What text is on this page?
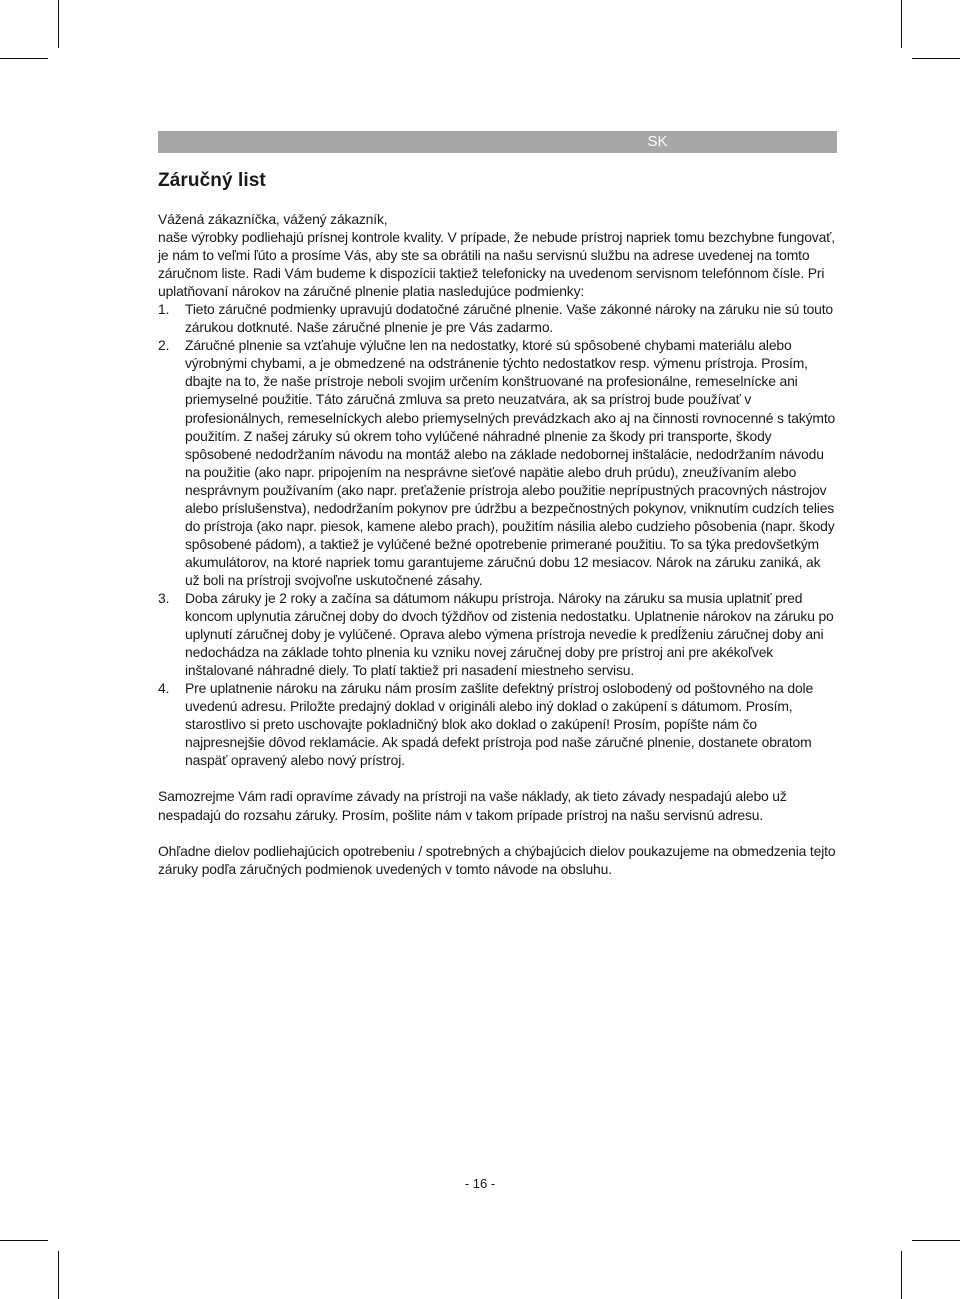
SK
Záručný list

Vážená zákazníčka, vážený zákazník,

naše výrobky podliehajú prísnej kontrole kvality. V prípade, že nebude prístroj napriek tomu bezchybne fungovať, je nám to veľmi ľúto a prosíme Vás, aby ste sa obrátili na našu servisnú službu na adrese uvedenej na tomto záručnom liste. Radi Vám budeme k dispozícii taktiež telefonicky na uvedenom servisnom telefónnom čísle. Pri uplatňovaní nárokov na záručné plnenie platia nasledujúce podmienky:

1. Tieto záručné podmienky upravujú dodatočné záručné plnenie. Vaše zákonné nároky na záruku nie sú touto zárukou dotknuté. Naše záručné plnenie je pre Vás zadarmo.
2. Záručné plnenie sa vzťahuje výlučne len na nedostatky, ktoré sú spôsobené chybami materiálu alebo výrobnými chybami, a je obmedzené na odstránenie týchto nedostatkov resp. výmenu prístroja. Prosím, dbajte na to, že naše prístroje neboli svojim určením konštruované na profesionálne, remeselnícke ani priemyselné použitie. Táto záručná zmluva sa preto neuzatvára, ak sa prístroj bude používať v profesionálnych, remeselníckych alebo priemyselných prevádzkach ako aj na činnosti rovnocenné s takýmto použitím. Z našej záruky sú okrem toho vylúčené náhradné plnenie za škody pri transporte, škody spôsobené nedodržaním návodu na montáž alebo na základe nedobornej inštalácie, nedodržaním návodu na použitie (ako napr. pripojením na nesprávne sieťové napätie alebo druh prúdu), zneužívaním alebo nesprávnym používaním (ako napr. preťaženie prístroja alebo použitie neprípustných pracovných nástrojov alebo príslušenstva), nedodržaním pokynov pre údržbu a bezpečnostných pokynov, vniknutím cudzích telies do prístroja (ako napr. piesok, kamene alebo prach), použitím násilia alebo cudzieho pôsobenia (napr. škody spôsobené pádom), a taktiež je vylúčené bežné opotrebenie primerané použitiu. To sa týka predovšetkým akumulátorov, na ktoré napriek tomu garantujeme záručnú dobu 12 mesiacov. Nárok na záruku zaniká, ak už boli na prístroji svojvoľne uskutočnené zásahy.
3. Doba záruky je 2 roky a začína sa dátumom nákupu prístroja. Nároky na záruku sa musia uplatniť pred koncom uplynutia záručnej doby do dvoch týždňov od zistenia nedostatku. Uplatnenie nárokov na záruku po uplynutí záručnej doby je vylúčené. Oprava alebo výmena prístroja nevedie k predĺženiu záručnej doby ani nedochádza na základe tohto plnenia ku vzniku novej záručnej doby pre prístroj ani pre akékoľvek inštalované náhradné diely. To platí taktiež pri nasadení miestneho servisu.
4. Pre uplatnenie nároku na záruku nám prosím zašlite defektný prístroj oslobodený od poštovného na dole uvedenú adresu. Priložte predajný doklad v origináli alebo iný doklad o zakúpení s dátumom. Prosím, starostlivo si preto uschovajte pokladničný blok ako doklad o zakúpení! Prosím, popíšte nám čo najpresnejšie dôvod reklamácie. Ak spadá defekt prístroja pod naše záručné plnenie, dostanete obratom naspäť opravený alebo nový prístroj.

Samozrejme Vám radi opravíme závady na prístroji na vaše náklady, ak tieto závady nespadajú alebo už nespadajú do rozsahu záruky. Prosím, pošlite nám v takom prípade prístroj na našu servisnú adresu.

Ohľadne dielov podliehajúcich opotrebeniu / spotrebných a chýbajúcich dielov poukazujeme na obmedzenia tejto záruky podľa záručných podmienok uvedených v tomto návode na obsluhu.

- 16 -
